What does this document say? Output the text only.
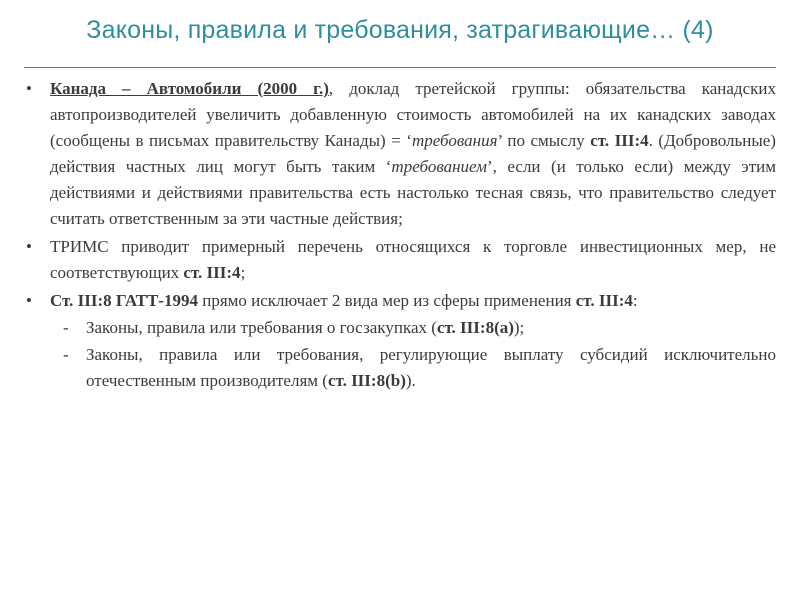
Законы, правила и требования, затрагивающие… (4)
• Канада – Автомобили (2000 г.), доклад третейской группы: обязательства канадских автопроизводителей увеличить добавленную стоимость автомобилей на их канадских заводах (сообщены в письмах правительству Канады) = ‘требования’ по смыслу ст. III:4. (Добровольные) действия частных лиц могут быть таким ‘требованием’, если (и только если) между этим действиями и действиями правительства есть настолько тесная связь, что правительство следует считать ответственным за эти частные действия;
• ТРИМС приводит примерный перечень относящихся к торговле инвестиционных мер, не соответствующих ст. III:4;
• Ст. III:8 ГАТТ-1994 прямо исключает 2 вида мер из сферы применения ст. III:4:
- Законы, правила или требования о госзакупках (ст. III:8(a));
- Законы, правила или требования, регулирующие выплату субсидий исключительно отечественным производителям (ст. III:8(b)).
